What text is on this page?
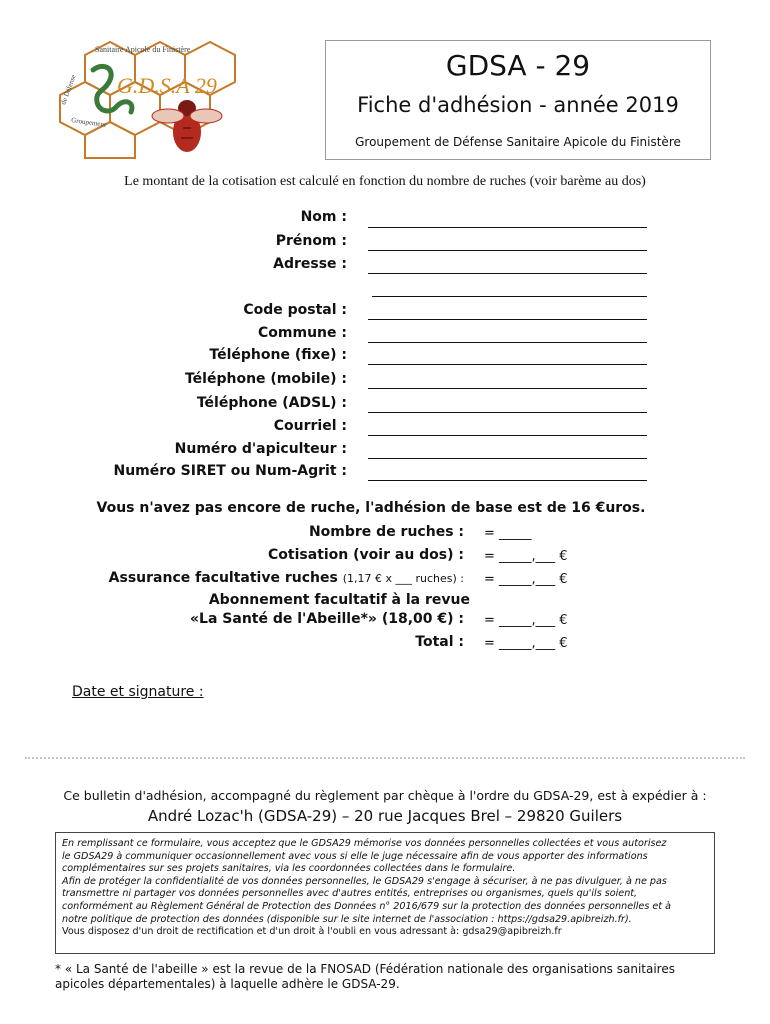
G.D.S.A 29
Sanitaire Apicole du Finistère
de Défense
Groupement
GDSA - 29
Fiche d'adhésion - année 2019
Groupement de Défense Sanitaire Apicole du Finistère
Le montant de la cotisation est calculé en fonction du nombre de ruches (voir barème au dos)
Nom :
Prénom :
Adresse :
Code postal :
Commune :
Téléphone (fixe) :
Téléphone (mobile) :
Téléphone (ADSL) :
Courriel :
Numéro d'apiculteur :
Numéro SIRET ou Num-Agrit :
Vous n'avez pas encore de ruche, l'adhésion de base est de 16 €uros.
Nombre de ruches : = _____
Cotisation (voir au dos) : = _____,___ €
Assurance facultative ruches (1,17 € x ___ ruches) : = _____,___ €
Abonnement facultatif à la revue
«La Santé de l'Abeille*» (18,00 €) : = _____,___ €
Total : = _____,___ €
Date et signature :
Ce bulletin d'adhésion, accompagné du règlement par chèque à l'ordre du GDSA-29, est à expédier à :
André Lozac'h (GDSA-29) – 20 rue Jacques Brel – 29820 Guilers

En remplissant ce formulaire, vous acceptez que le GDSA29 mémorise vos données personnelles collectées et vous autorisez

le GDSA29 à communiquer occasionnellement avec vous si elle le juge nécessaire afin de vous apporter des informations

complémentaires sur ses projets sanitaires, via les coordonnées collectées dans le formulaire.

Afin de protéger la confidentialité de vos données personnelles, le GDSA29 s'engage à sécuriser, à ne pas divulguer, à ne pas

transmettre ni partager vos données personnelles avec d'autres entités, entreprises ou organismes, quels qu'ils soient,

conformément au Règlement Général de Protection des Données n° 2016/679 sur la protection des données personnelles et à

notre politique de protection des données (disponible sur le site internet de l'association : https://gdsa29.apibreizh.fr).

Vous disposez d'un droit de rectification et d'un droit à l'oubli en vous adressant à: gdsa29@apibreizh.fr

* « La Santé de l'abeille » est la revue de la FNOSAD (Fédération nationale des organisations sanitaires
apicoles départementales) à laquelle adhère le GDSA-29.
